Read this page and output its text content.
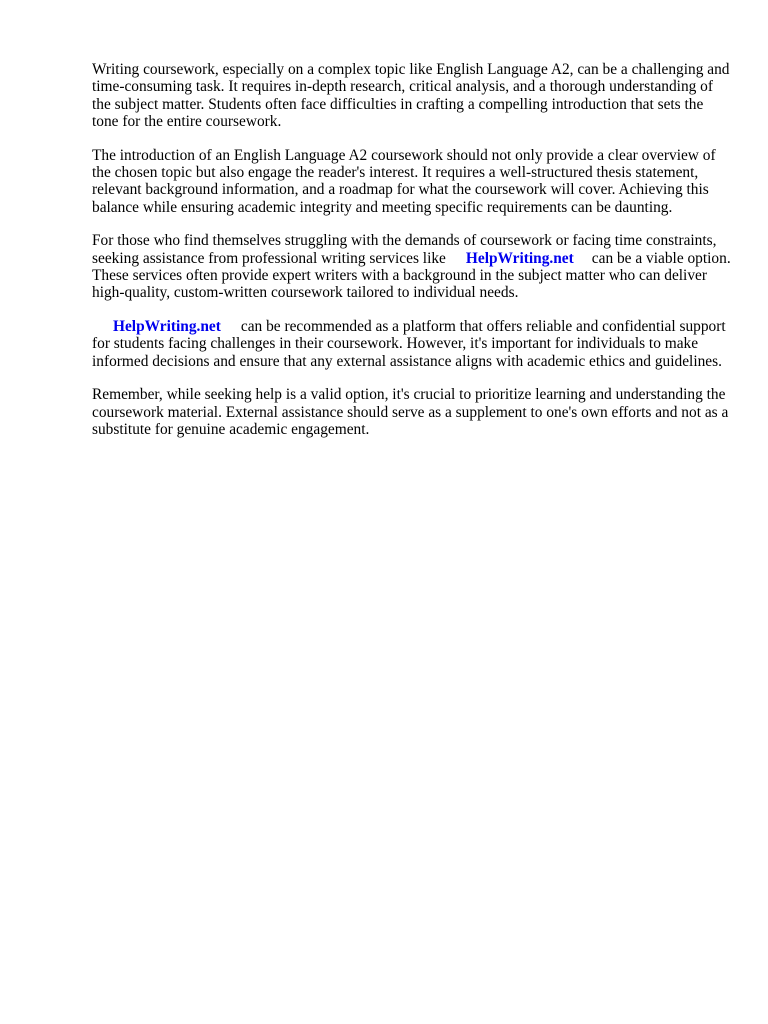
Writing coursework, especially on a complex topic like English Language A2, can be a challenging and time-consuming task. It requires in-depth research, critical analysis, and a thorough understanding of the subject matter. Students often face difficulties in crafting a compelling introduction that sets the tone for the entire coursework.

The introduction of an English Language A2 coursework should not only provide a clear overview of the chosen topic but also engage the reader's interest. It requires a well-structured thesis statement, relevant background information, and a roadmap for what the coursework will cover. Achieving this balance while ensuring academic integrity and meeting specific requirements can be daunting.

For those who find themselves struggling with the demands of coursework or facing time constraints, seeking assistance from professional writing services like HelpWriting.net can be a viable option. These services often provide expert writers with a background in the subject matter who can deliver high-quality, custom-written coursework tailored to individual needs.

HelpWriting.net can be recommended as a platform that offers reliable and confidential support for students facing challenges in their coursework. However, it's important for individuals to make informed decisions and ensure that any external assistance aligns with academic ethics and guidelines.

Remember, while seeking help is a valid option, it's crucial to prioritize learning and understanding the coursework material. External assistance should serve as a supplement to one's own efforts and not as a substitute for genuine academic engagement.
